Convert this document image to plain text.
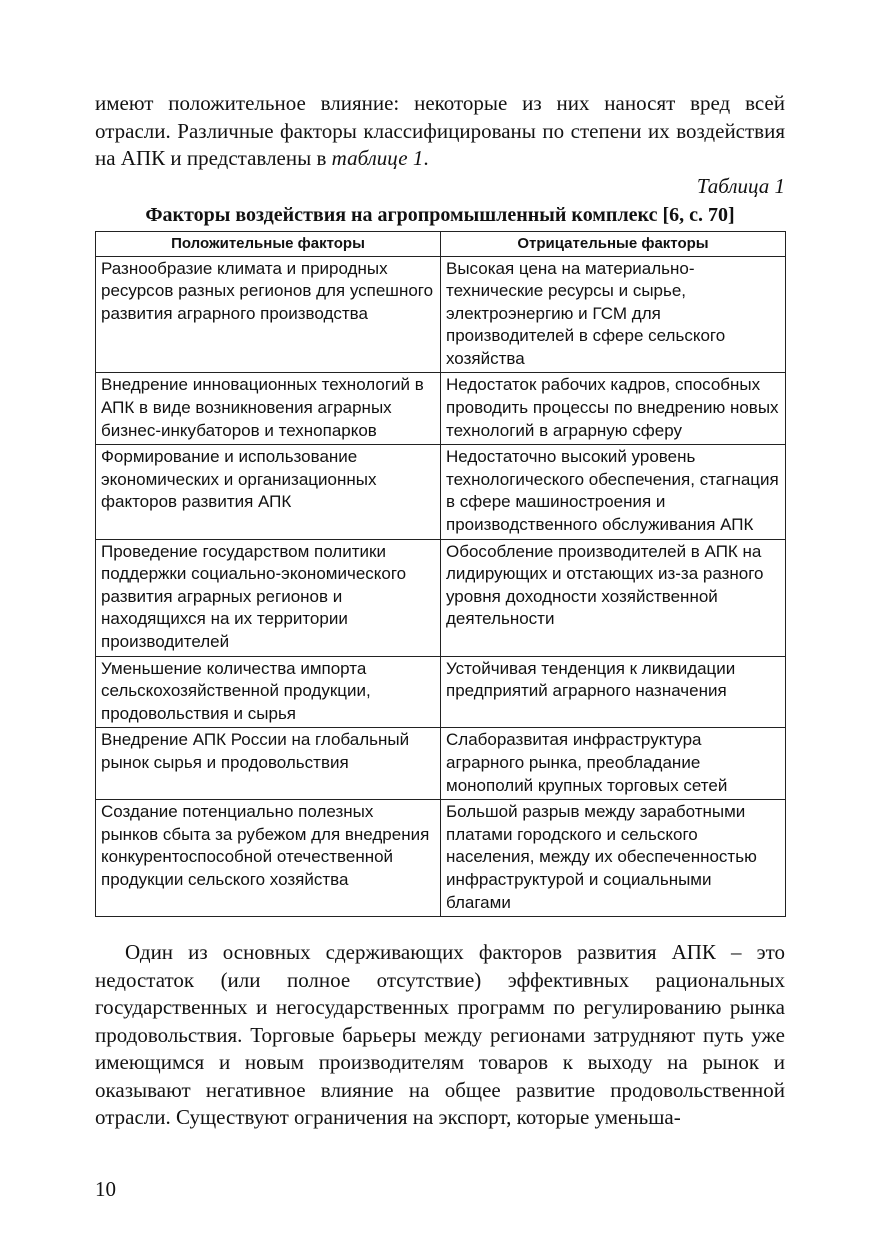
имеют положительное влияние: некоторые из них наносят вред всей отрасли. Различные факторы классифицированы по степени их воздействия на АПК и представлены в таблице 1.

Таблица 1

Факторы воздействия на агропромышленный комплекс [6, с. 70]

Положительные факторы	Отрицательные факторы
Разнообразие климата и природных ресурсов разных регионов для успешного развития аграрного производства	Высокая цена на материально-технические ресурсы и сырье, электроэнергию и ГСМ для производителей в сфере сельского хозяйства
Внедрение инновационных технологий в АПК в виде возникновения аграрных бизнес-инкубаторов и технопарков	Недостаток рабочих кадров, способных проводить процессы по внедрению новых технологий в аграрную сферу
Формирование и использование экономических и организационных факторов развития АПК	Недостаточно высокий уровень технологического обеспечения, стагнация в сфере машиностроения и производственного обслуживания АПК
Проведение государством политики поддержки социально-экономического развития аграрных регионов и находящихся на их территории производителей	Обособление производителей в АПК на лидирующих и отстающих из-за разного уровня доходности хозяйственной деятельности
Уменьшение количества импорта сельскохозяйственной продукции, продовольствия и сырья	Устойчивая тенденция к ликвидации предприятий аграрного назначения
Внедрение АПК России на глобальный рынок сырья и продовольствия	Слаборазвитая инфраструктура аграрного рынка, преобладание монополий крупных торговых сетей
Создание потенциально полезных рынков сбыта за рубежом для внедрения конкурентоспособной отечественной продукции сельского хозяйства	Большой разрыв между заработными платами городского и сельского населения, между их обеспеченностью инфраструктурой и социальными благами

Один из основных сдерживающих факторов развития АПК – это недостаток (или полное отсутствие) эффективных рациональных государственных и негосударственных программ по регулированию рынка продовольствия. Торговые барьеры между регионами затрудняют путь уже имеющимся и новым производителям товаров к выходу на рынок и оказывают негативное влияние на общее развитие продовольственной отрасли. Существуют ограничения на экспорт, которые уменьша-

10
